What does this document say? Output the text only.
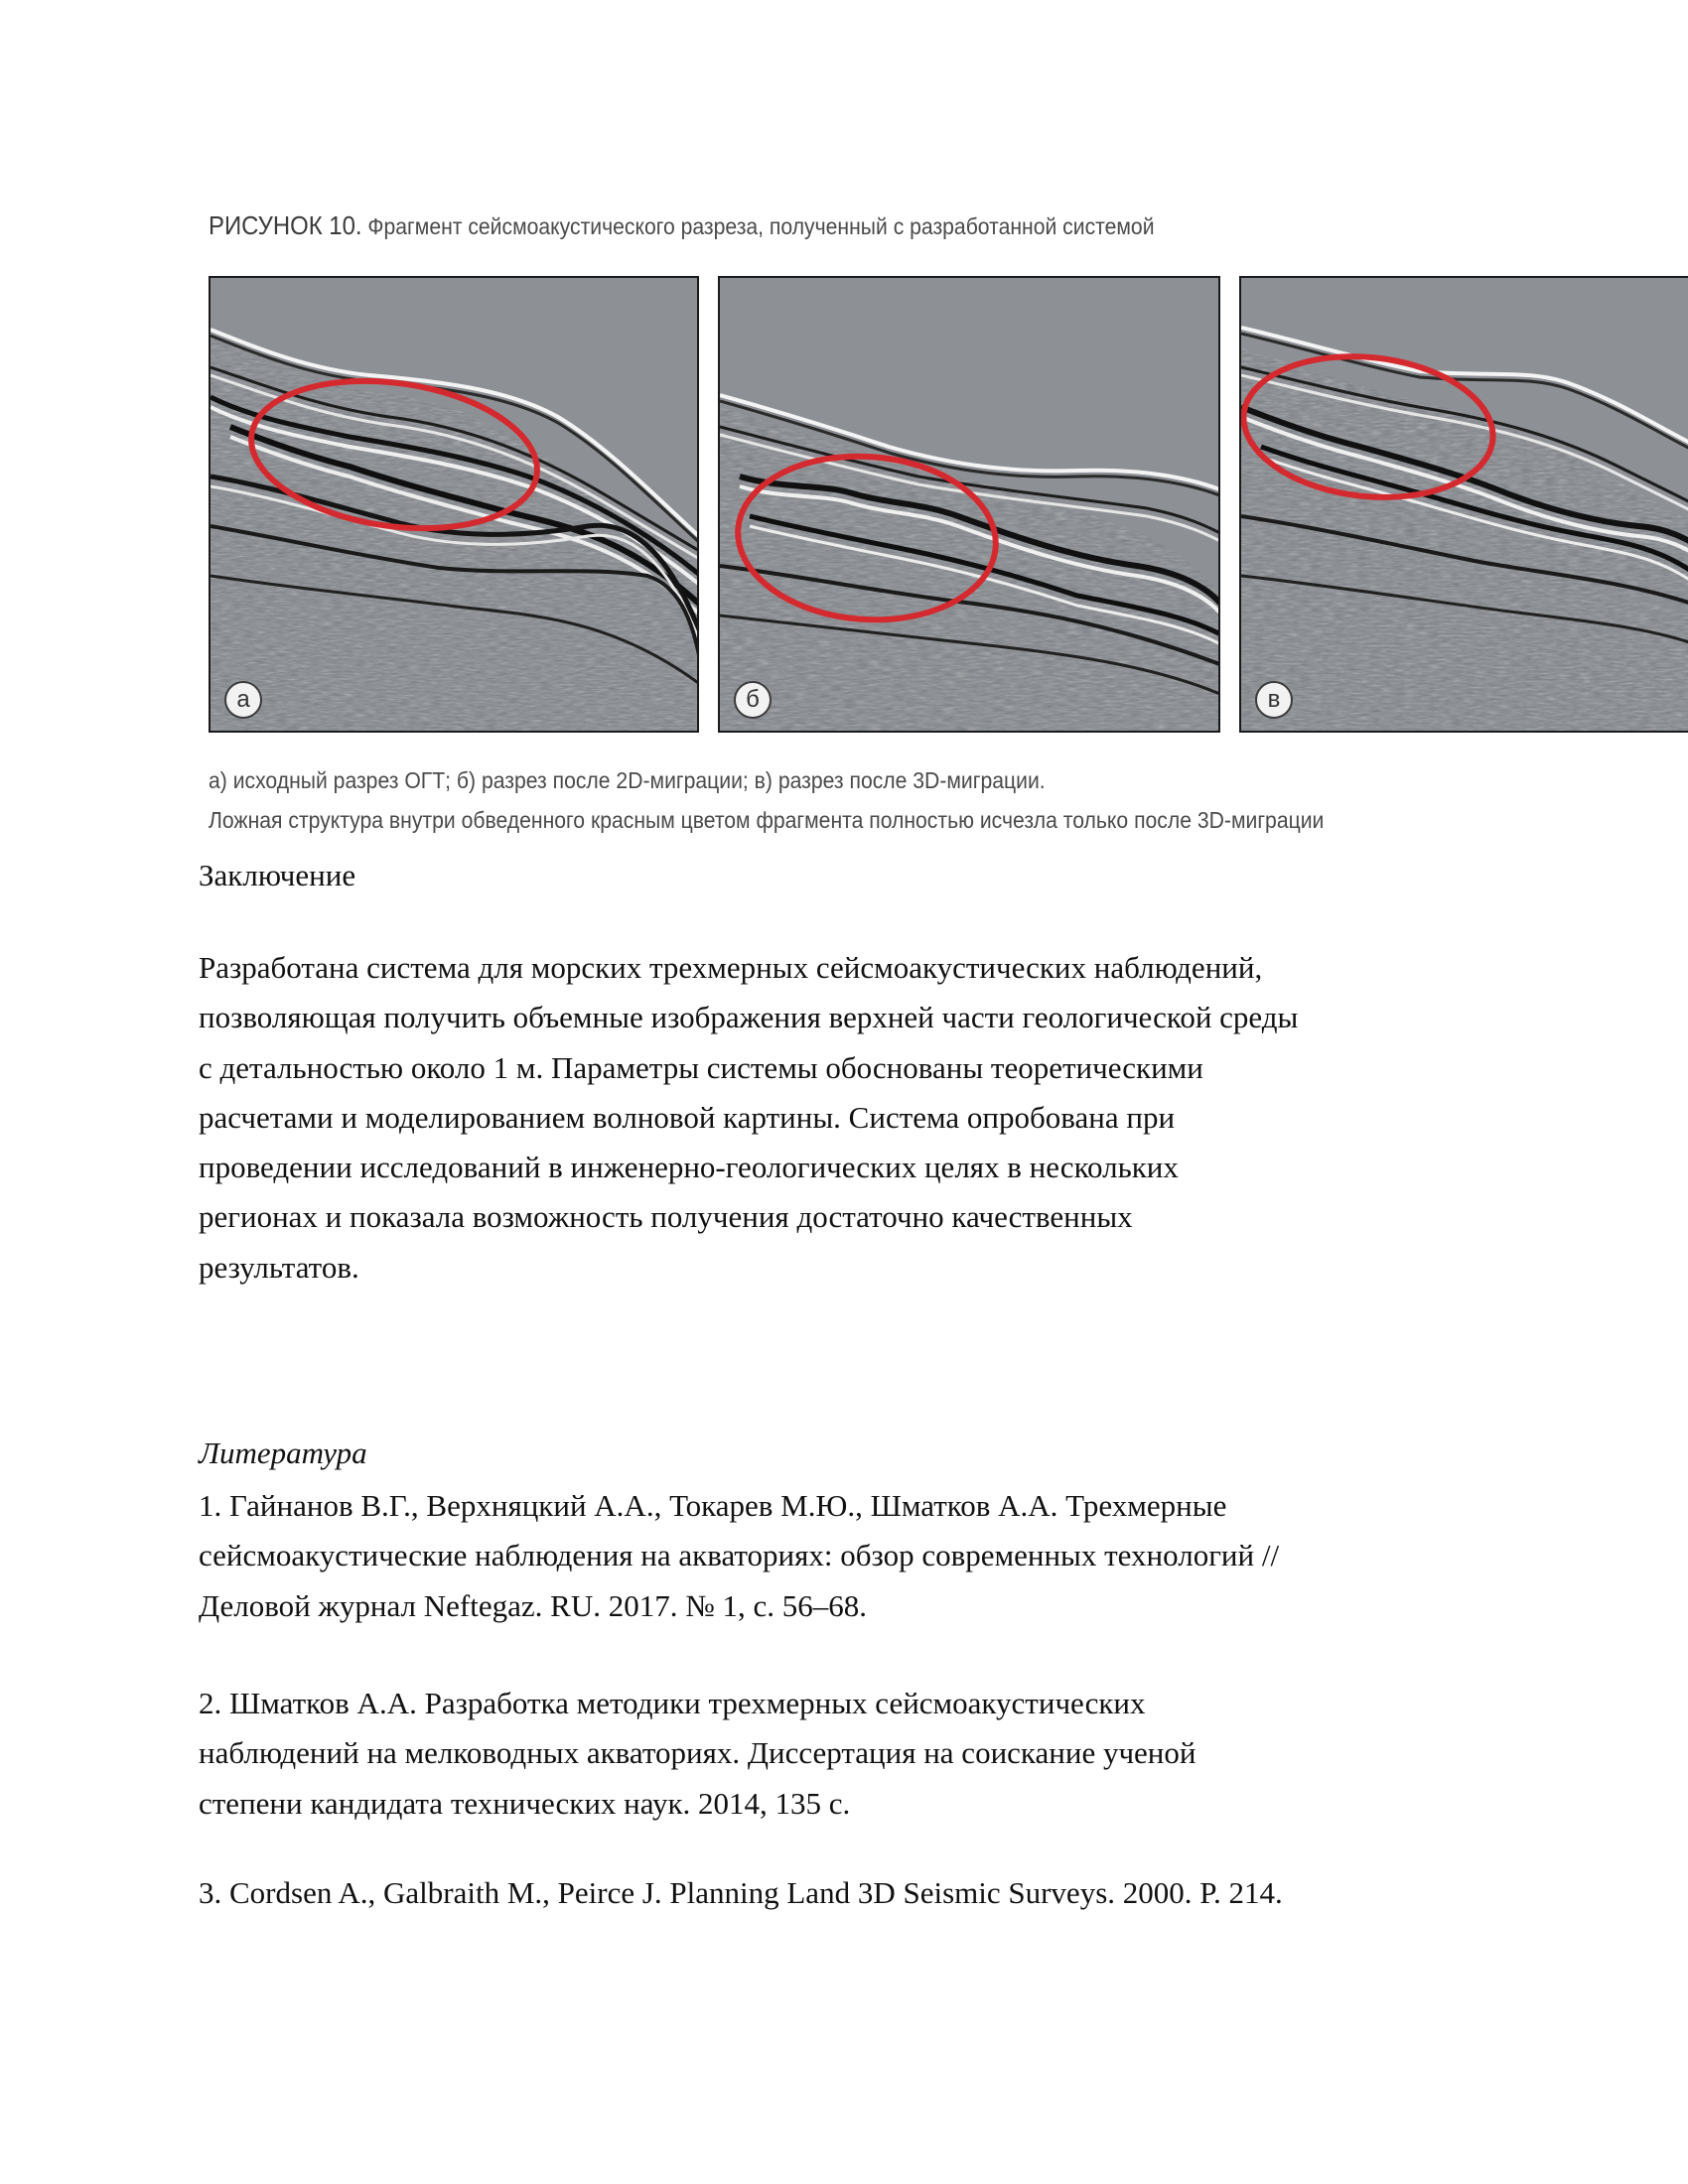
РИСУНОК 10. Фрагмент сейсмоакустического разреза, полученный с разработанной системой
а	б	в
а) исходный разрез ОГТ; б) разрез после 2D-миграции; в) разрез после 3D-миграции.
Ложная структура внутри обведенного красным цветом фрагмента полностью исчезла только после 3D-миграции
Заключение
Разработана система для морских трехмерных сейсмоакустических наблюдений,
позволяющая получить объемные изображения верхней части геологической среды
с детальностью около 1 м. Параметры системы обоснованы теоретическими
расчетами и моделированием волновой картины. Система опробована при
проведении исследований в инженерно-геологических целях в нескольких
регионах и показала возможность получения достаточно качественных
результатов.
Литература
1. Гайнанов В.Г., Верхняцкий А.А., Токарев М.Ю., Шматков А.А. Трехмерные
сейсмоакустические наблюдения на акваториях: обзор современных технологий //
Деловой журнал Neftegaz. RU. 2017. № 1, с. 56–68.
2. Шматков А.А. Разработка методики трехмерных сейсмоакустических
наблюдений на мелководных акваториях. Диссертация на соискание ученой
степени кандидата технических наук. 2014, 135 с.
3. Cordsen A., Galbraith M., Peirce J. Planning Land 3D Seismic Surveys. 2000. P. 214.
